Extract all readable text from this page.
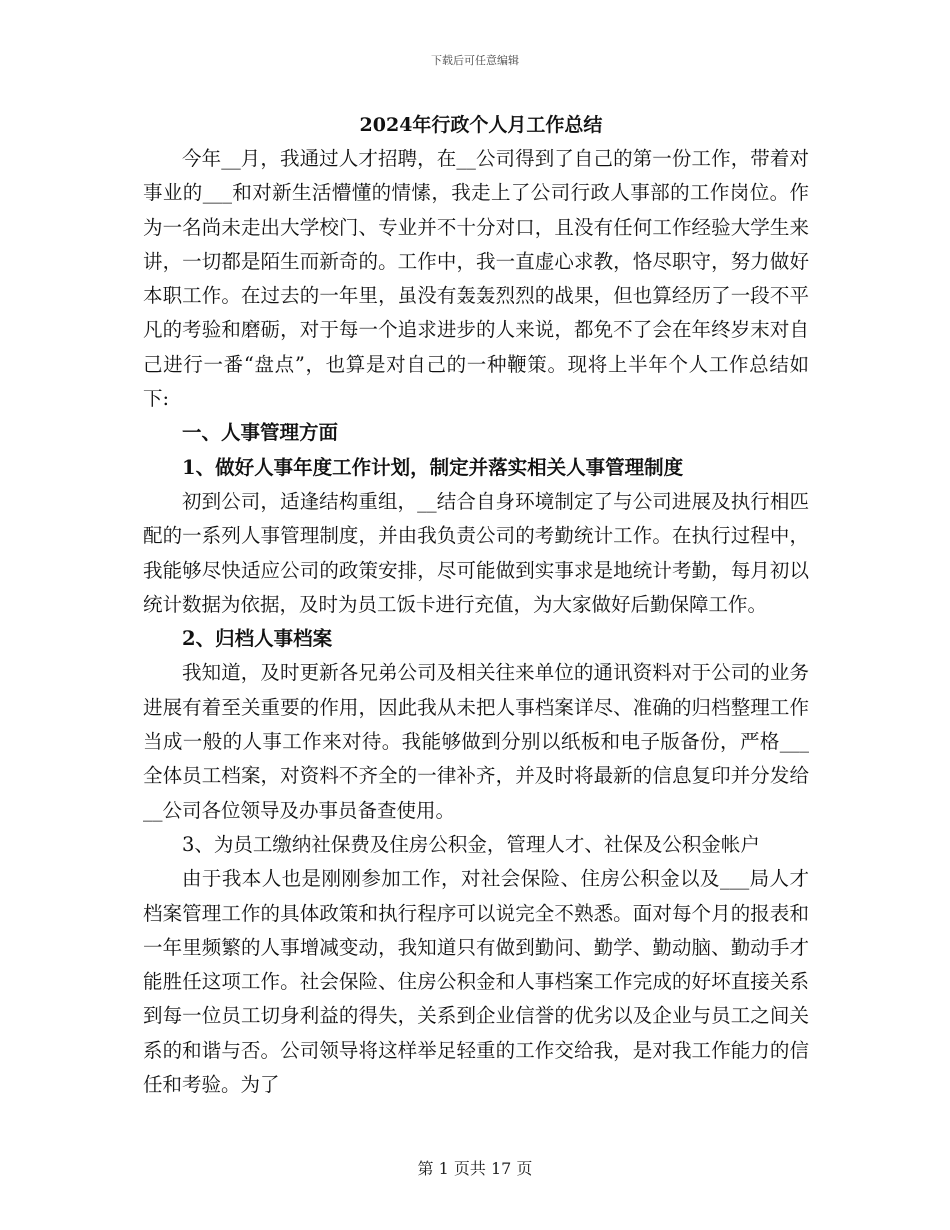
下载后可任意编辑

2024年行政个人月工作总结

今年__月，我通过人才招聘，在__公司得到了自己的第一份工作，带着对事业的___和对新生活懵懂的情愫，我走上了公司行政人事部的工作岗位。作为一名尚未走出大学校门、专业并不十分对口，且没有任何工作经验大学生来讲，一切都是陌生而新奇的。工作中，我一直虚心求教，恪尽职守，努力做好本职工作。在过去的一年里，虽没有轰轰烈烈的战果，但也算经历了一段不平凡的考验和磨砺，对于每一个追求进步的人来说，都免不了会在年终岁末对自己进行一番“盘点”，也算是对自己的一种鞭策。现将上半年个人工作总结如下:

一、人事管理方面

1、做好人事年度工作计划，制定并落实相关人事管理制度

初到公司，适逢结构重组，__结合自身环境制定了与公司进展及执行相匹配的一系列人事管理制度，并由我负责公司的考勤统计工作。在执行过程中，我能够尽快适应公司的政策安排，尽可能做到实事求是地统计考勤，每月初以统计数据为依据，及时为员工饭卡进行充值，为大家做好后勤保障工作。

2、归档人事档案

我知道，及时更新各兄弟公司及相关往来单位的通讯资料对于公司的业务进展有着至关重要的作用，因此我从未把人事档案详尽、准确的归档整理工作当成一般的人事工作来对待。我能够做到分别以纸板和电子版备份，严格___全体员工档案，对资料不齐全的一律补齐，并及时将最新的信息复印并分发给__公司各位领导及办事员备查使用。

3、为员工缴纳社保费及住房公积金，管理人才、社保及公积金帐户

由于我本人也是刚刚参加工作，对社会保险、住房公积金以及___局人才档案管理工作的具体政策和执行程序可以说完全不熟悉。面对每个月的报表和一年里频繁的人事增减变动，我知道只有做到勤问、勤学、勤动脑、勤动手才能胜任这项工作。社会保险、住房公积金和人事档案工作完成的好坏直接关系到每一位员工切身利益的得失，关系到企业信誉的优劣以及企业与员工之间关系的和谐与否。公司领导将这样举足轻重的工作交给我，是对我工作能力的信任和考验。为了

第 1 页共 17 页
